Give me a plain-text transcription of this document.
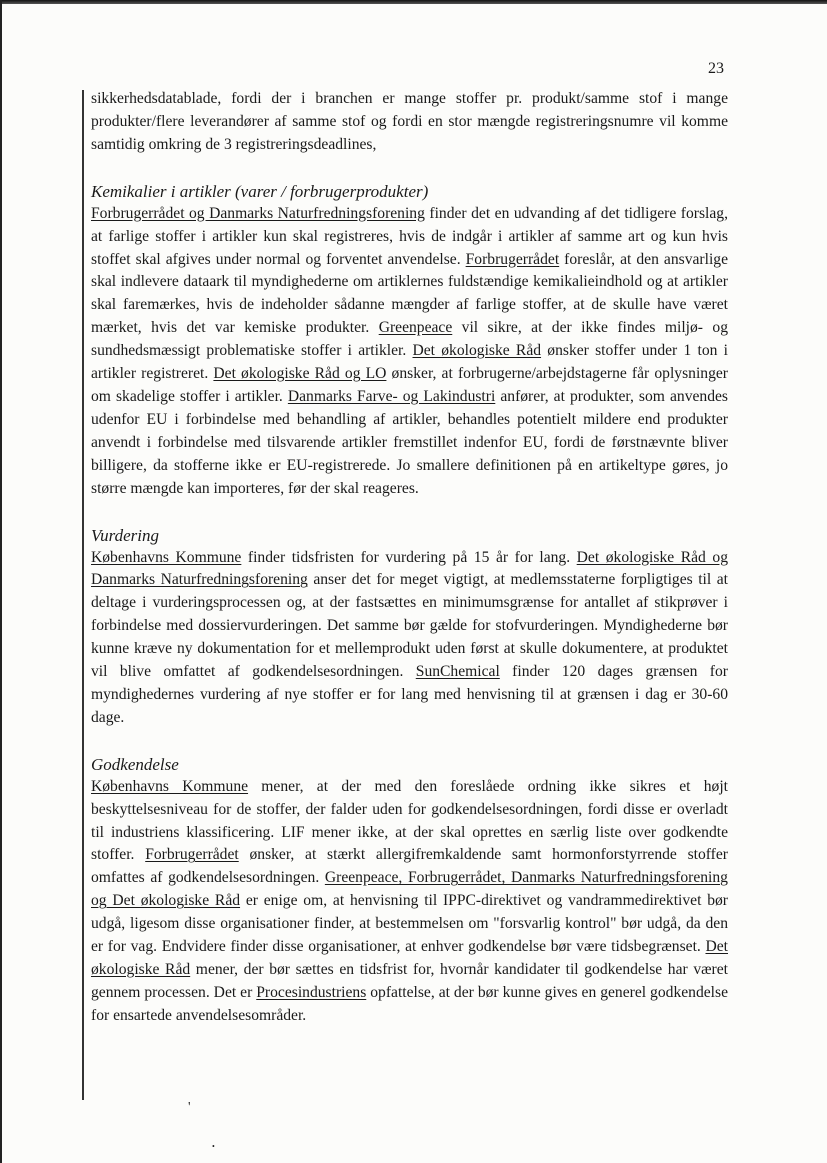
23

sikkerhedsdatablade, fordi der i branchen er mange stoffer pr. produkt/samme stof i mange produkter/flere leverandører af samme stof og fordi en stor mængde registreringsnumre vil komme samtidig omkring de 3 registreringsdeadlines,

Kemikalier i artikler (varer / forbrugerprodukter)

Forbrugerrådet og Danmarks Naturfredningsforening finder det en udvanding af det tidligere forslag, at farlige stoffer i artikler kun skal registreres, hvis de indgår i artikler af samme art og kun hvis stoffet skal afgives under normal og forventet anvendelse. Forbrugerrådet foreslår, at den ansvarlige skal indlevere dataark til myndighederne om artiklernes fuldstændige kemikalieindhold og at artikler skal faremærkes, hvis de indeholder sådanne mængder af farlige stoffer, at de skulle have været mærket, hvis det var kemiske produkter. Greenpeace vil sikre, at der ikke findes miljø- og sundhedsmæssigt problematiske stoffer i artikler. Det økologiske Råd ønsker stoffer under 1 ton i artikler registreret. Det økologiske Råd og LO ønsker, at forbrugerne/arbejdstagerne får oplysninger om skadelige stoffer i artikler. Danmarks Farve- og Lakindustri anfører, at produkter, som anvendes udenfor EU i forbindelse med behandling af artikler, behandles potentielt mildere end produkter anvendt i forbindelse med tilsvarende artikler fremstillet indenfor EU, fordi de førstnævnte bliver billigere, da stofferne ikke er EU-registrerede. Jo smallere definitionen på en artikeltype gøres, jo større mængde kan importeres, før der skal reageres.

Vurdering

Københavns Kommune finder tidsfristen for vurdering på 15 år for lang. Det økologiske Råd og Danmarks Naturfredningsforening anser det for meget vigtigt, at medlemsstaterne forpligtiges til at deltage i vurderingsprocessen og, at der fastsættes en minimumsgrænse for antallet af stikprøver i forbindelse med dossiervurderingen. Det samme bør gælde for stofvurderingen. Myndighederne bør kunne kræve ny dokumentation for et mellemprodukt uden først at skulle dokumentere, at produktet vil blive omfattet af godkendelsesordningen. SunChemical finder 120 dages grænsen for myndighedernes vurdering af nye stoffer er for lang med henvisning til at grænsen i dag er 30-60 dage.

Godkendelse

Københavns Kommune mener, at der med den foreslåede ordning ikke sikres et højt beskyttelsesniveau for de stoffer, der falder uden for godkendelsesordningen, fordi disse er overladt til industriens klassificering. LIF mener ikke, at der skal oprettes en særlig liste over godkendte stoffer. Forbrugerrådet ønsker, at stærkt allergifremkaldende samt hormonforstyrrende stoffer omfattes af godkendelsesordningen. Greenpeace, Forbrugerrådet, Danmarks Naturfredningsforening og Det økologiske Råd er enige om, at henvisning til IPPC-direktivet og vandrammedirektivet bør udgå, ligesom disse organisationer finder, at bestemmelsen om "forsvarlig kontrol" bør udgå, da den er for vag. Endvidere finder disse organisationer, at enhver godkendelse bør være tidsbegrænset. Det økologiske Råd mener, der bør sættes en tidsfrist for, hvornår kandidater til godkendelse har været gennem processen. Det er Procesindustriens opfattelse, at der bør kunne gives en generel godkendelse for ensartede anvendelsesområder.

'
•
